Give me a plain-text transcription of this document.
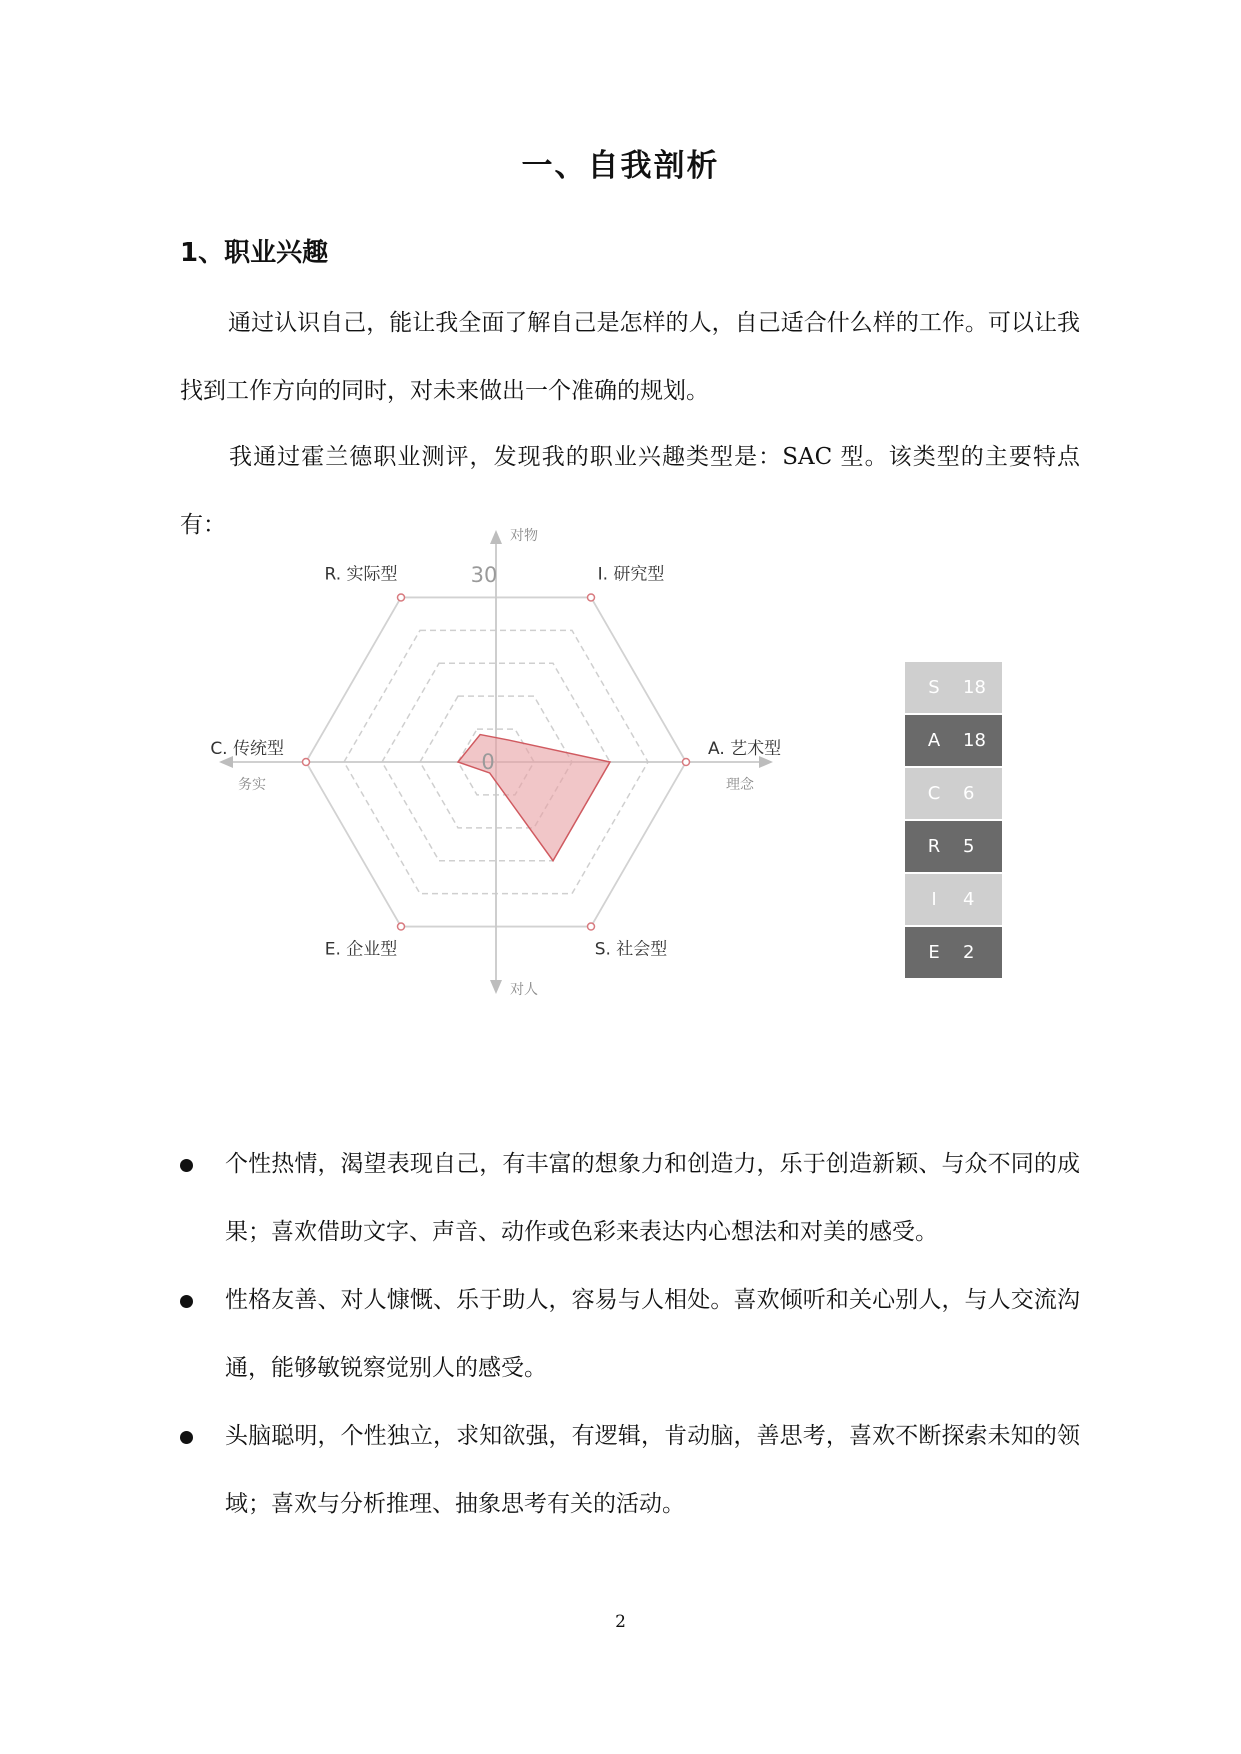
一、自我剖析
1、职业兴趣

通过认识自己，能让我全面了解自己是怎样的人，自己适合什么样的工作。可以让我找到工作方向的同时，对未来做出一个准确的规划。

我通过霍兰德职业测评，发现我的职业兴趣类型是：SAC 型。该类型的主要特点有：

R. 实际型	I. 研究型
A. 艺术型
S. 社会型
E. 企业型
C. 传统型
30
0
对物
对人
务实	理念
S	18
A	18
C	6
R	5
I	4
E	2
个性热情，渴望表现自己，有丰富的想象力和创造力，乐于创造新颖、与众不同的成果；喜欢借助文字、声音、动作或色彩来表达内心想法和对美的感受。
性格友善、对人慷慨、乐于助人，容易与人相处。喜欢倾听和关心别人，与人交流沟通，能够敏锐察觉别人的感受。
头脑聪明，个性独立，求知欲强，有逻辑，肯动脑，善思考，喜欢不断探索未知的领域；喜欢与分析推理、抽象思考有关的活动。
2
